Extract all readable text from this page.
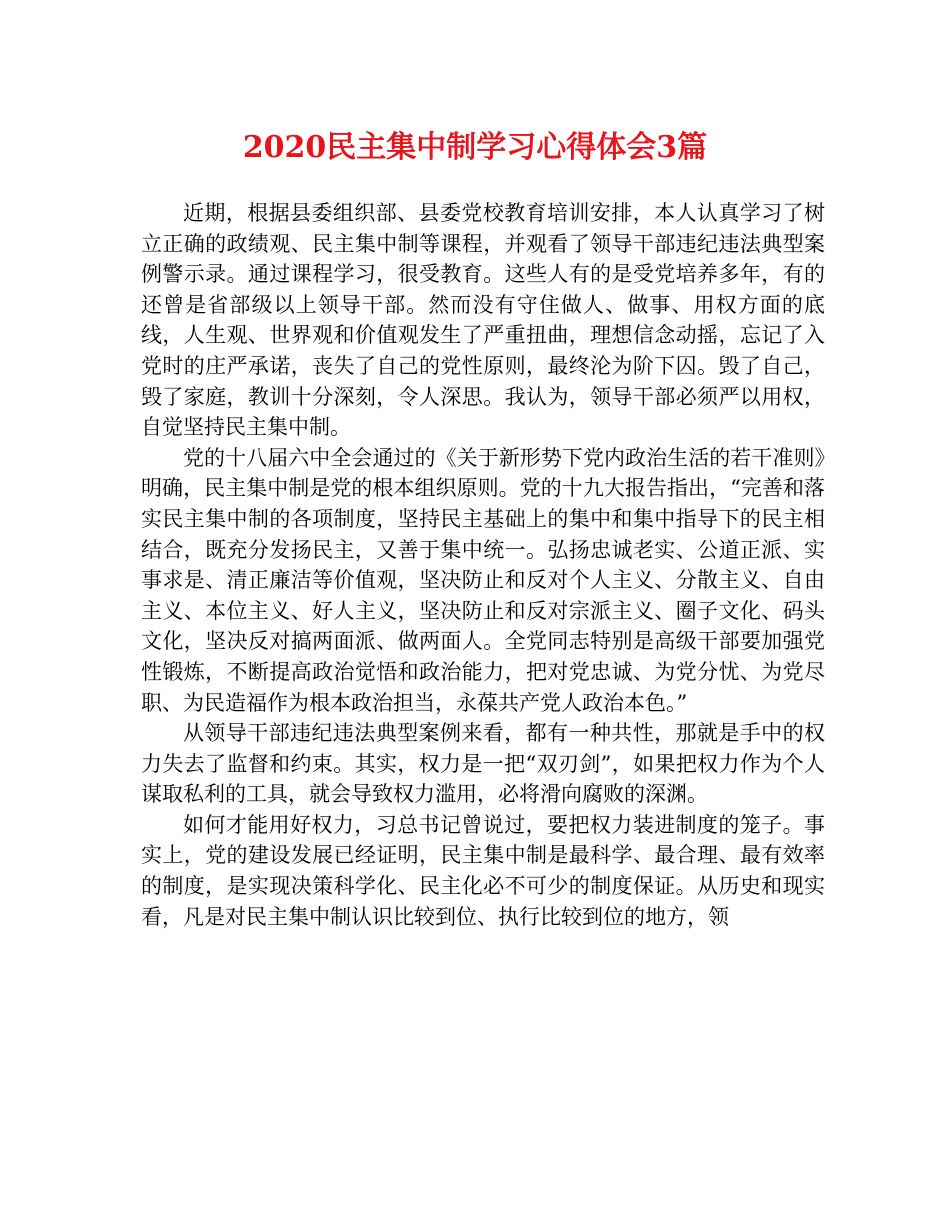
2020民主集中制学习心得体会3篇

近期，根据县委组织部、县委党校教育培训安排，本人认真学习了树立正确的政绩观、民主集中制等课程，并观看了领导干部违纪违法典型案例警示录。通过课程学习，很受教育。这些人有的是受党培养多年，有的还曾是省部级以上领导干部。然而没有守住做人、做事、用权方面的底线，人生观、世界观和价值观发生了严重扭曲，理想信念动摇，忘记了入党时的庄严承诺，丧失了自己的党性原则，最终沦为阶下囚。毁了自己，毁了家庭，教训十分深刻，令人深思。我认为，领导干部必须严以用权，自觉坚持民主集中制。

党的十八届六中全会通过的《关于新形势下党内政治生活的若干准则》明确，民主集中制是党的根本组织原则。党的十九大报告指出，“完善和落实民主集中制的各项制度，坚持民主基础上的集中和集中指导下的民主相结合，既充分发扬民主，又善于集中统一。弘扬忠诚老实、公道正派、实事求是、清正廉洁等价值观，坚决防止和反对个人主义、分散主义、自由主义、本位主义、好人主义，坚决防止和反对宗派主义、圈子文化、码头文化，坚决反对搞两面派、做两面人。全党同志特别是高级干部要加强党性锻炼，不断提高政治觉悟和政治能力，把对党忠诚、为党分忧、为党尽职、为民造福作为根本政治担当，永葆共产党人政治本色。”

从领导干部违纪违法典型案例来看，都有一种共性，那就是手中的权力失去了监督和约束。其实，权力是一把“双刃剑”，如果把权力作为个人谋取私利的工具，就会导致权力滥用，必将滑向腐败的深渊。

如何才能用好权力，习总书记曾说过，要把权力装进制度的笼子。事实上，党的建设发展已经证明，民主集中制是最科学、最合理、最有效率的制度，是实现决策科学化、民主化必不可少的制度保证。从历史和现实看，凡是对民主集中制认识比较到位、执行比较到位的地方，领
